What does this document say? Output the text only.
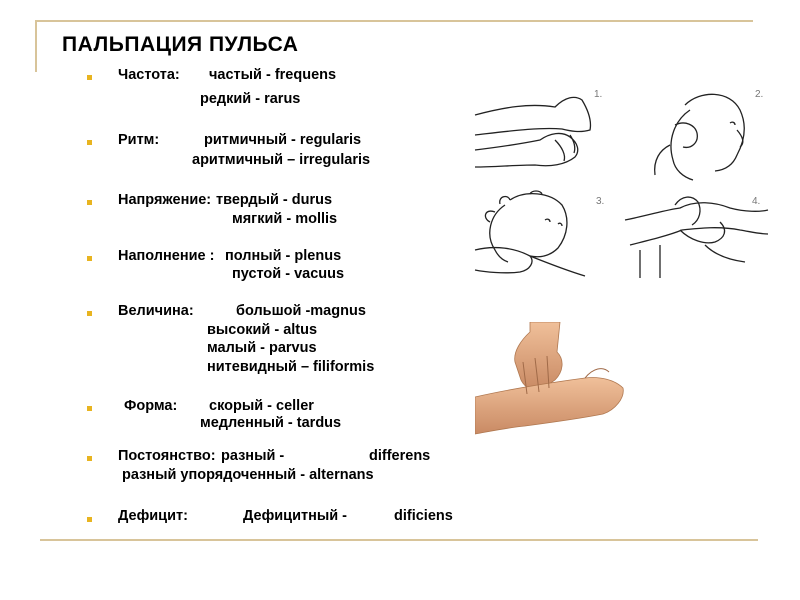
ПАЛЬПАЦИЯ ПУЛЬСА
Частота: частый - frequens
редкий - rarus
Ритм:	ритмичный - regularis
аритмичный – irregularis
Напряжение: твердый - durus
мягкий - mollis
Наполнение : полный - plenus
пустой - vacuus
Величина:	большой -magnus
высокий - altus
малый - parvus
нитевидный – filiformis
Форма: скорый - celler
медленный - tardus
Постоянство: разный -	differens
разный упорядоченный - alternans
Дефицит:	Дефицитный -	dificiens
1.	2.
3.	4.
